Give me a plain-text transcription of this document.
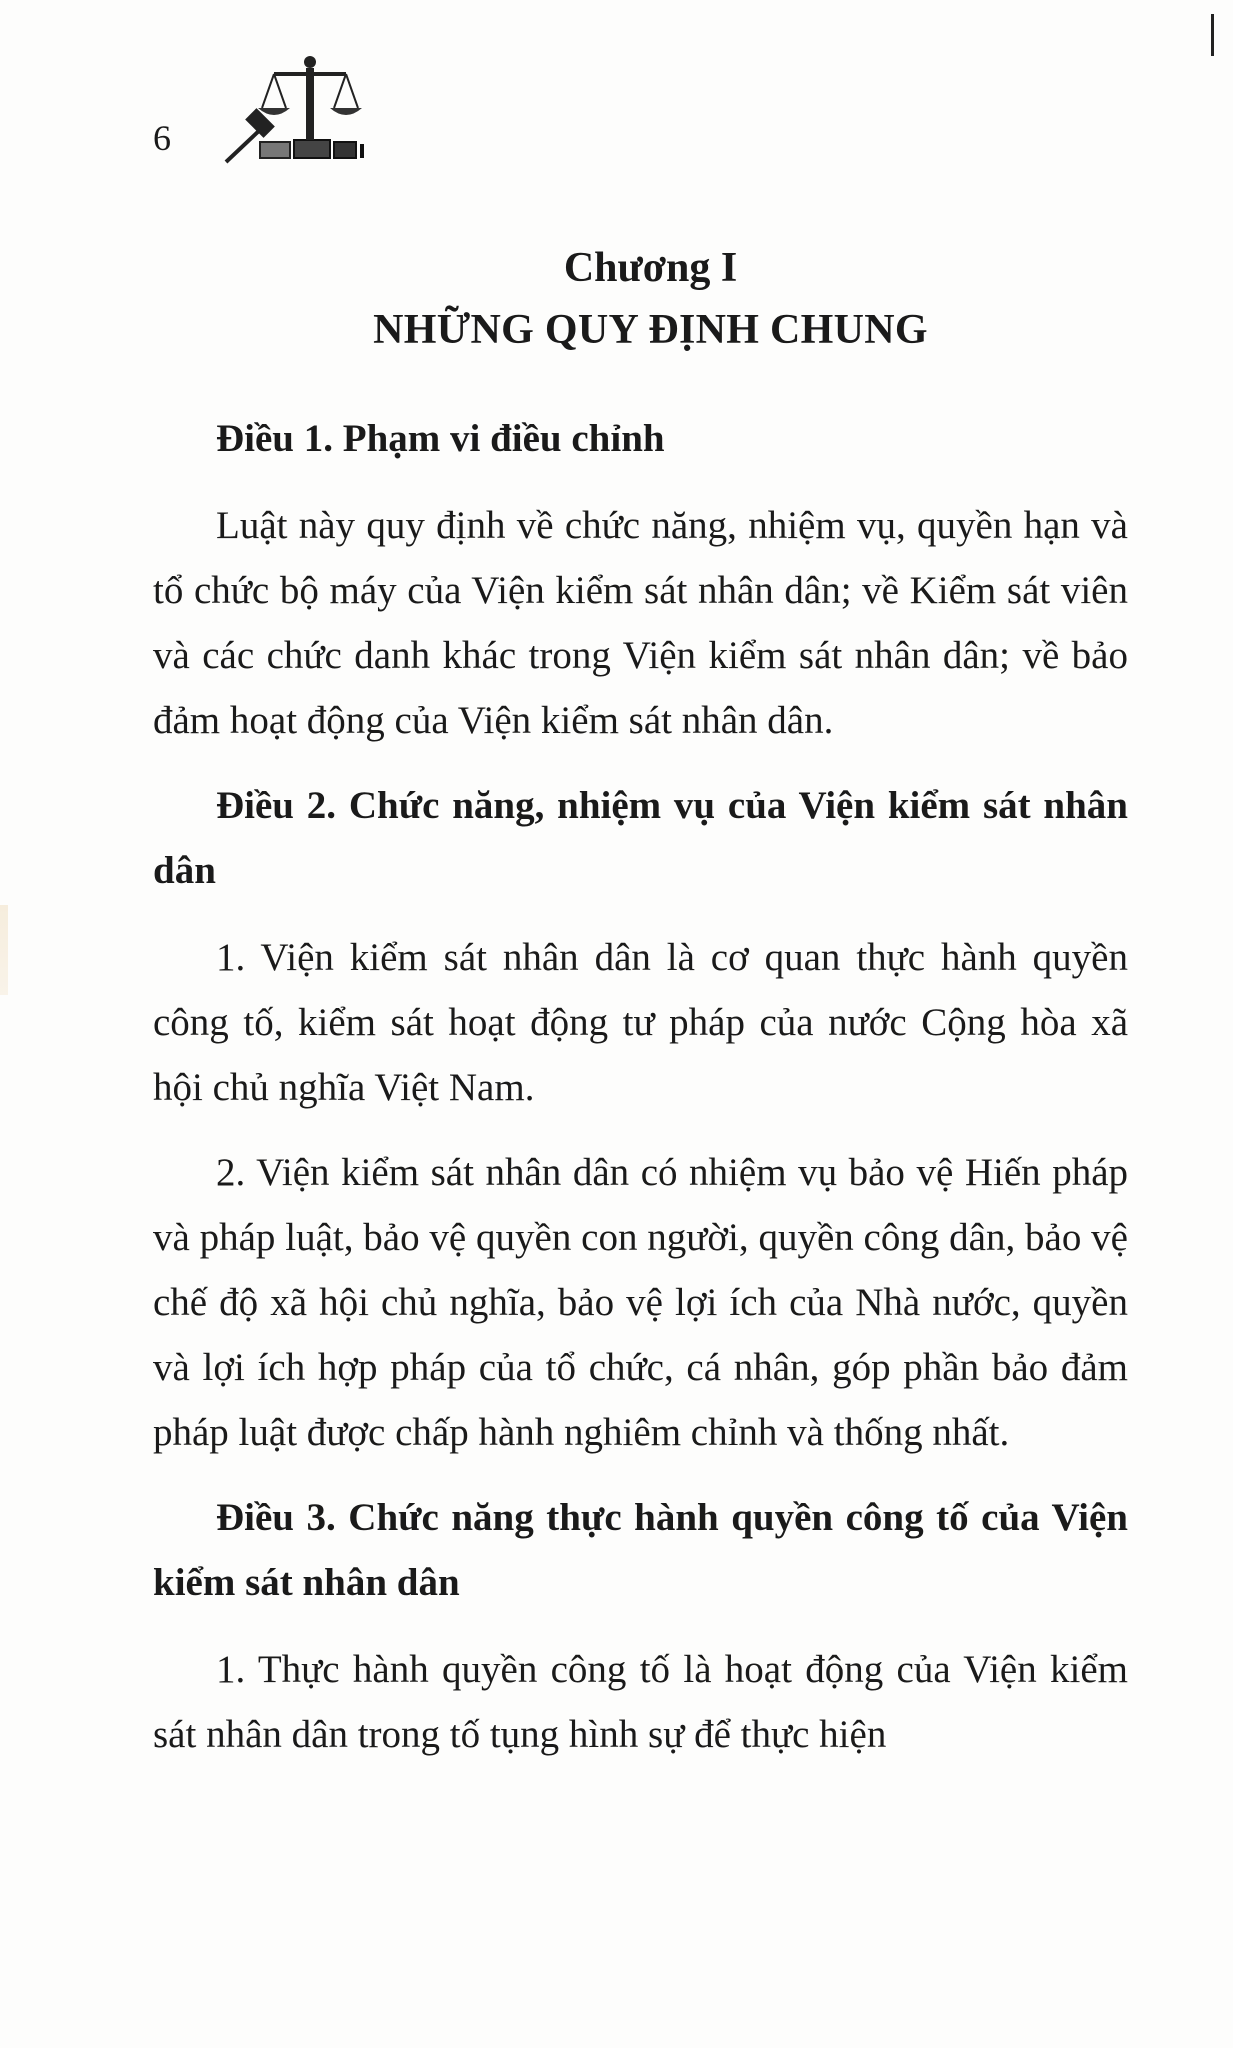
6
Chương I
NHỮNG QUY ĐỊNH CHUNG

Điều 1. Phạm vi điều chỉnh

Luật này quy định về chức năng, nhiệm vụ, quyền hạn và tổ chức bộ máy của Viện kiểm sát nhân dân; về Kiểm sát viên và các chức danh khác trong Viện kiểm sát nhân dân; về bảo đảm hoạt động của Viện kiểm sát nhân dân.

Điều 2. Chức năng, nhiệm vụ của Viện kiểm sát nhân dân

1. Viện kiểm sát nhân dân là cơ quan thực hành quyền công tố, kiểm sát hoạt động tư pháp của nước Cộng hòa xã hội chủ nghĩa Việt Nam.

2. Viện kiểm sát nhân dân có nhiệm vụ bảo vệ Hiến pháp và pháp luật, bảo vệ quyền con người, quyền công dân, bảo vệ chế độ xã hội chủ nghĩa, bảo vệ lợi ích của Nhà nước, quyền và lợi ích hợp pháp của tổ chức, cá nhân, góp phần bảo đảm pháp luật được chấp hành nghiêm chỉnh và thống nhất.

Điều 3. Chức năng thực hành quyền công tố của Viện kiểm sát nhân dân

1. Thực hành quyền công tố là hoạt động của Viện kiểm sát nhân dân trong tố tụng hình sự để thực hiện
